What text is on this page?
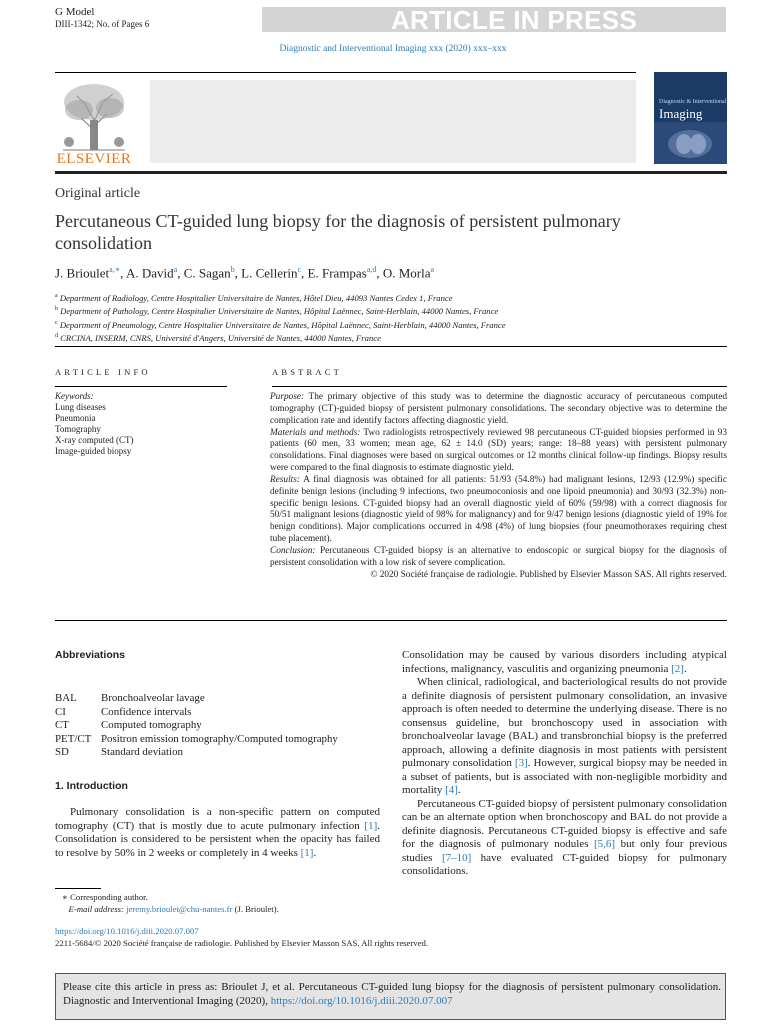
G Model
DIII-1342; No. of Pages 6	ARTICLE IN PRESS
Diagnostic and Interventional Imaging xxx (2020) xxx–xxx
ELSEVIER
Diagnostic & Interventional
Imaging
Original article
Percutaneous CT-guided lung biopsy for the diagnosis of persistent pulmonary consolidation
J. Brioulet$^{a,∗}$, A. David$^a$, C. Sagan$^b$, L. Cellerin$^c$, E. Frampas$^{a,d}$, O. Morla$^a$
$^a$ Department of Radiology, Centre Hospitalier Universitaire de Nantes, Hôtel Dieu, 44093 Nantes Cedex 1, France
$^b$ Department of Pathology, Centre Hospitalier Universitaire de Nantes, Hôpital Laënnec, Saint-Herblain, 44000 Nantes, France
$^c$ Department of Pneumology, Centre Hospitalier Universitaire de Nantes, Hôpital Laënnec, Saint-Herblain, 44000 Nantes, France
$^d$ CRCINA, INSERM, CNRS, Université d'Angers, Université de Nantes, 44000 Nantes, France
ARTICLE INFO	ABSTRACT
Keywords:
Lung diseases
Pneumonia
Tomography
X-ray computed (CT)
Image-guided biopsy
Purpose: The primary objective of this study was to determine the diagnostic accuracy of percutaneous computed tomography (CT)-guided biopsy of persistent pulmonary consolidations. The secondary objective was to determine the complication rate and identify factors affecting diagnostic yield.
Materials and methods: Two radiologists retrospectively reviewed 98 percutaneous CT-guided biopsies performed in 93 patients (60 men, 33 women; mean age, 62 ± 14.0 (SD) years; range: 18–88 years) with persistent pulmonary consolidations. Final diagnoses were based on surgical outcomes or 12 months clinical follow-up findings. Biopsy results were compared to the final diagnosis to estimate diagnostic yield.
Results: A final diagnosis was obtained for all patients: 51/93 (54.8%) had malignant lesions, 12/93 (12.9%) specific definite benign lesions (including 9 infections, two pneumoconiosis and one lipoid pneumonia) and 30/93 (32.3%) non-specific benign lesions. CT-guided biopsy had an overall diagnostic yield of 60% (59/98) with a correct diagnosis for 50/51 malignant lesions (diagnostic yield of 98% for malignancy) and for 9/47 benign lesions (diagnostic yield of 19% for benign conditions). Major complications occurred in 4/98 (4%) of lung biopsies (four pneumothoraxes requiring chest tube placement).
Conclusion: Percutaneous CT-guided biopsy is an alternative to endoscopic or surgical biopsy for the diagnosis of persistent consolidation with a low risk of severe complication.
© 2020 Société française de radiologie. Published by Elsevier Masson SAS. All rights reserved.
Abbreviations
BAL	Bronchoalveolar lavage
CI	Confidence intervals
CT	Computed tomography
PET/CT Positron emission tomography/Computed tomography
SD	Standard deviation
1. Introduction

Pulmonary consolidation is a non-specific pattern on computed tomography (CT) that is mostly due to acute pulmonary infection [1]. Consolidation is considered to be persistent when the opacity has failed to resolve by 50% in 2 weeks or completely in 4 weeks [1].

Consolidation may be caused by various disorders including atypical infections, malignancy, vasculitis and organizing pneumonia [2].

When clinical, radiological, and bacteriological results do not provide a definite diagnosis of persistent pulmonary consolidation, an invasive approach is often needed to determine the underlying disease. There is no consensus guideline, but bronchoscopy used in association with bronchoalveolar lavage (BAL) and transbronchial biopsy is the preferred approach, allowing a definite diagnosis in most patients with persistent pulmonary consolidation [3]. However, surgical biopsy may be needed in a subset of patients, but is associated with non-negligible morbidity and mortality [4].

Percutaneous CT-guided biopsy of persistent pulmonary consolidation can be an alternate option when bronchoscopy and BAL do not provide a definite diagnosis. Percutaneous CT-guided biopsy is effective and safe for the diagnosis of pulmonary nodules [5,6] but only four previous studies [7–10] have evaluated CT-guided biopsy for pulmonary consolidations.

∗ Corresponding author.
E-mail address: jeremy.brioulet@chu-nantes.fr (J. Brioulet).
https://doi.org/10.1016/j.diii.2020.07.007
2211-5684/© 2020 Société française de radiologie. Published by Elsevier Masson SAS. All rights reserved.
Please cite this article in press as: Brioulet J, et al. Percutaneous CT-guided lung biopsy for the diagnosis of persistent pulmonary consolidation. Diagnostic and Interventional Imaging (2020), https://doi.org/10.1016/j.diii.2020.07.007
